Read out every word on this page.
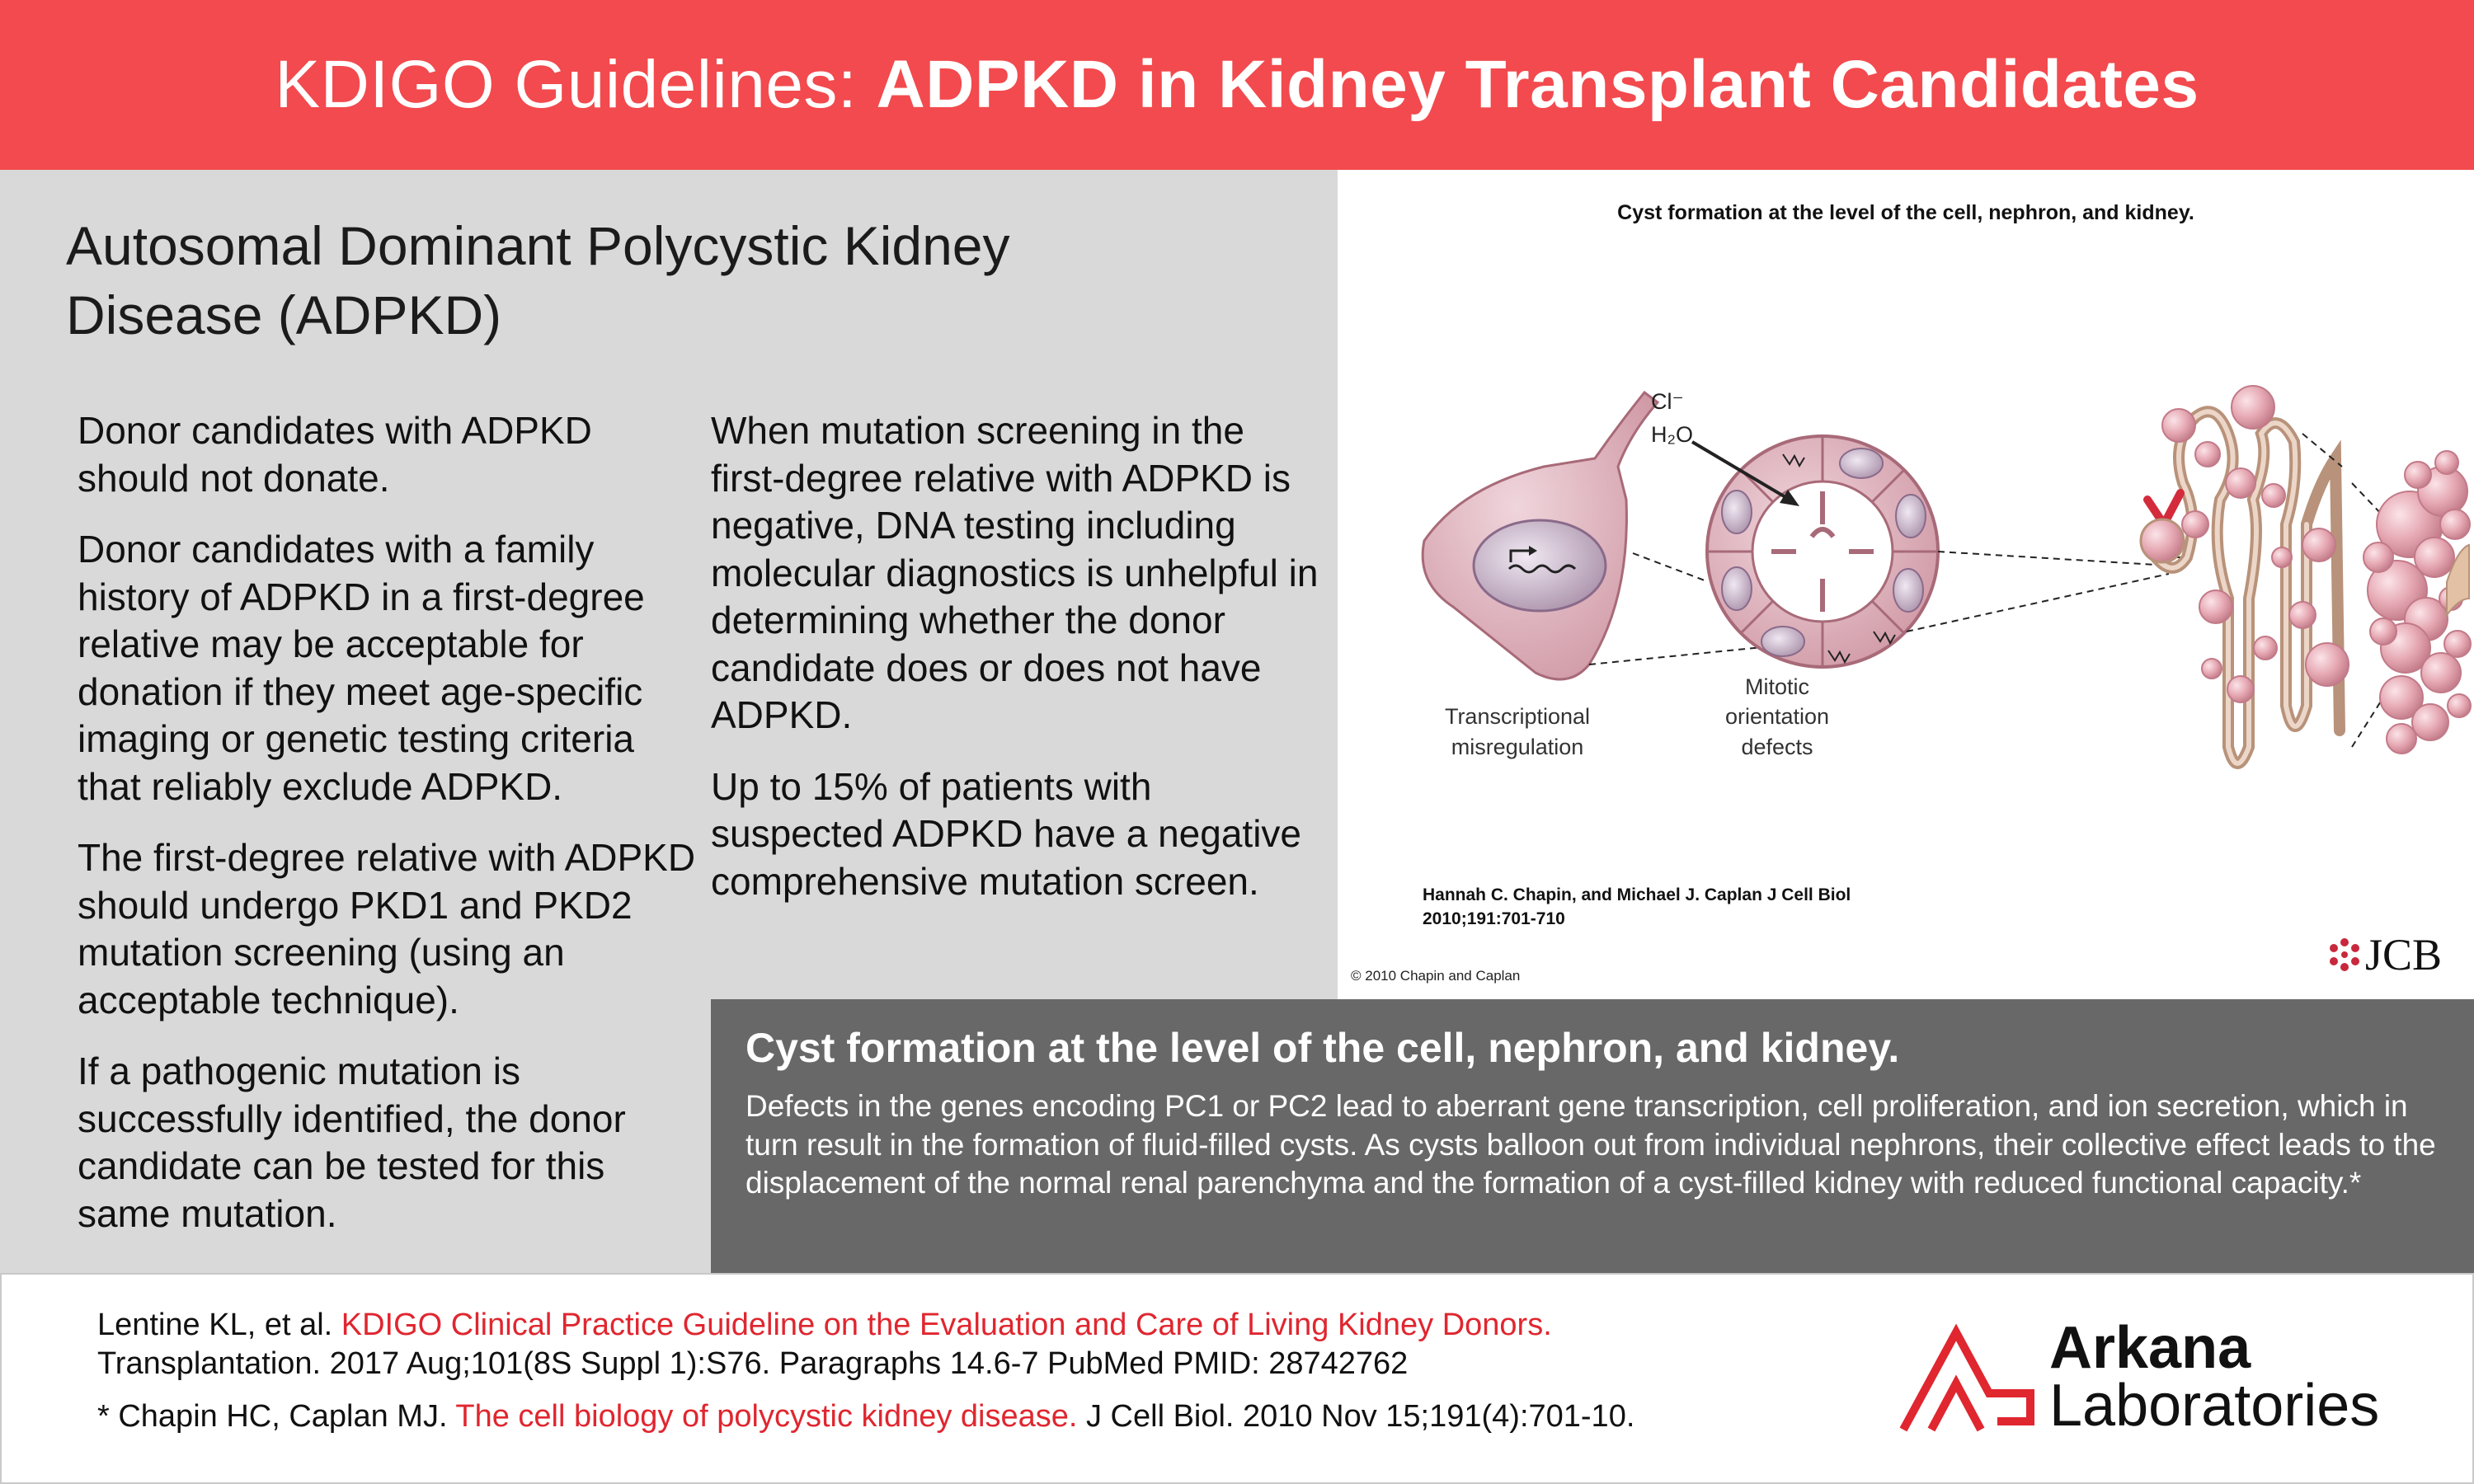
KDIGO Guidelines: ADPKD in Kidney Transplant Candidates
Autosomal Dominant Polycystic Kidney Disease (ADPKD)

Donor candidates with ADPKD should not donate.

Donor candidates with a family history of ADPKD in a first-degree relative may be acceptable for donation if they meet age-specific imaging or genetic testing criteria that reliably exclude ADPKD.

The first-degree relative with ADPKD should undergo PKD1 and PKD2 mutation screening (using an acceptable technique).

If a pathogenic mutation is successfully identified, the donor candidate can be tested for this same mutation.

When mutation screening in the first-degree relative with ADPKD is negative, DNA testing including molecular diagnostics is unhelpful in determining whether the donor candidate does or does not have ADPKD.

Up to 15% of patients with suspected ADPKD have a negative comprehensive mutation screen.

Cyst formation at the level of the cell, nephron, and kidney.
Cl⁻
H₂O
Transcriptional
misregulation
Mitotic
orientation
defects
Hannah C. Chapin, and Michael J. Caplan J Cell Biol
2010;191:701-710
© 2010 Chapin and Caplan	JCB
Cyst formation at the level of the cell, nephron, and kidney.

Defects in the genes encoding PC1 or PC2 lead to aberrant gene transcription, cell proliferation, and ion secretion, which in turn result in the formation of fluid-filled cysts. As cysts balloon out from individual nephrons, their collective effect leads to the displacement of the normal renal parenchyma and the formation of a cyst-filled kidney with reduced functional capacity.*

Lentine KL, et al. KDIGO Clinical Practice Guideline on the Evaluation and Care of Living Kidney Donors.
Transplantation. 2017 Aug;101(8S Suppl 1):S76. Paragraphs 14.6-7 PubMed PMID: 28742762
* Chapin HC, Caplan MJ. The cell biology of polycystic kidney disease. J Cell Biol. 2010 Nov 15;191(4):701-10.
Arkana
Laboratories
